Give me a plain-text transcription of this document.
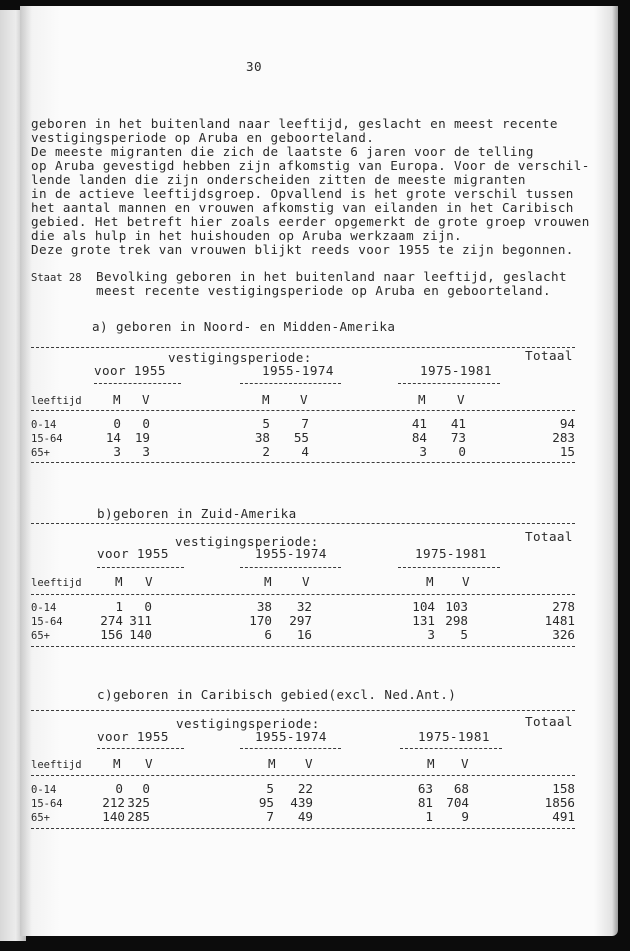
30
geboren in het buitenland naar leeftijd, geslacht en meest recente
vestigingsperiode op Aruba en geboorteland.
De meeste migranten die zich de laatste 6 jaren voor de telling
op Aruba gevestigd hebben zijn afkomstig van Europa. Voor de verschil-
lende landen die zijn onderscheiden zitten de meeste migranten
in de actieve leeftijdsgroep. Opvallend is het grote verschil tussen
het aantal mannen en vrouwen afkomstig van eilanden in het Caribisch
gebied. Het betreft hier zoals eerder opgemerkt de grote groep vrouwen
die als hulp in het huishouden op Aruba werkzaam zijn.
Deze grote trek van vrouwen blijkt reeds voor 1955 te zijn begonnen.
Staat 28 Bevolking geboren in het buitenland naar leeftijd, geslacht
meest recente vestigingsperiode op Aruba en geboorteland.
a) geboren in Noord- en Midden-Amerika
vestigingsperiode:	Totaal
voor 1955	1955-1974	1975-1981
leeftijd M V	M V	M V
0-14	0 0	5 7	41 41	94
15-64	14 19	38 55	84 73	283
65+	3 3	2 4	3 0	15
b)geboren in Zuid-Amerika
vestigingsperiode:	Totaal
voor 1955	1955-1974	1975-1981
leeftijd	M V	M V	M V
0-14	1 0	38 32	104 103	278
15-64	274 311	170 297	131 298	1481
65+	156 140	6 16	3 5	326
c)geboren in Caribisch gebied(excl. Ned.Ant.)
vestigingsperiode:	Totaal
voor 1955	1955-1974	1975-1981
leeftijd M V	M V	M V
0-14	0 0	5 22	63 68	158
15-64	212 325	95 439	81 704	1856
65+	140 285	7 49	1 9	491
